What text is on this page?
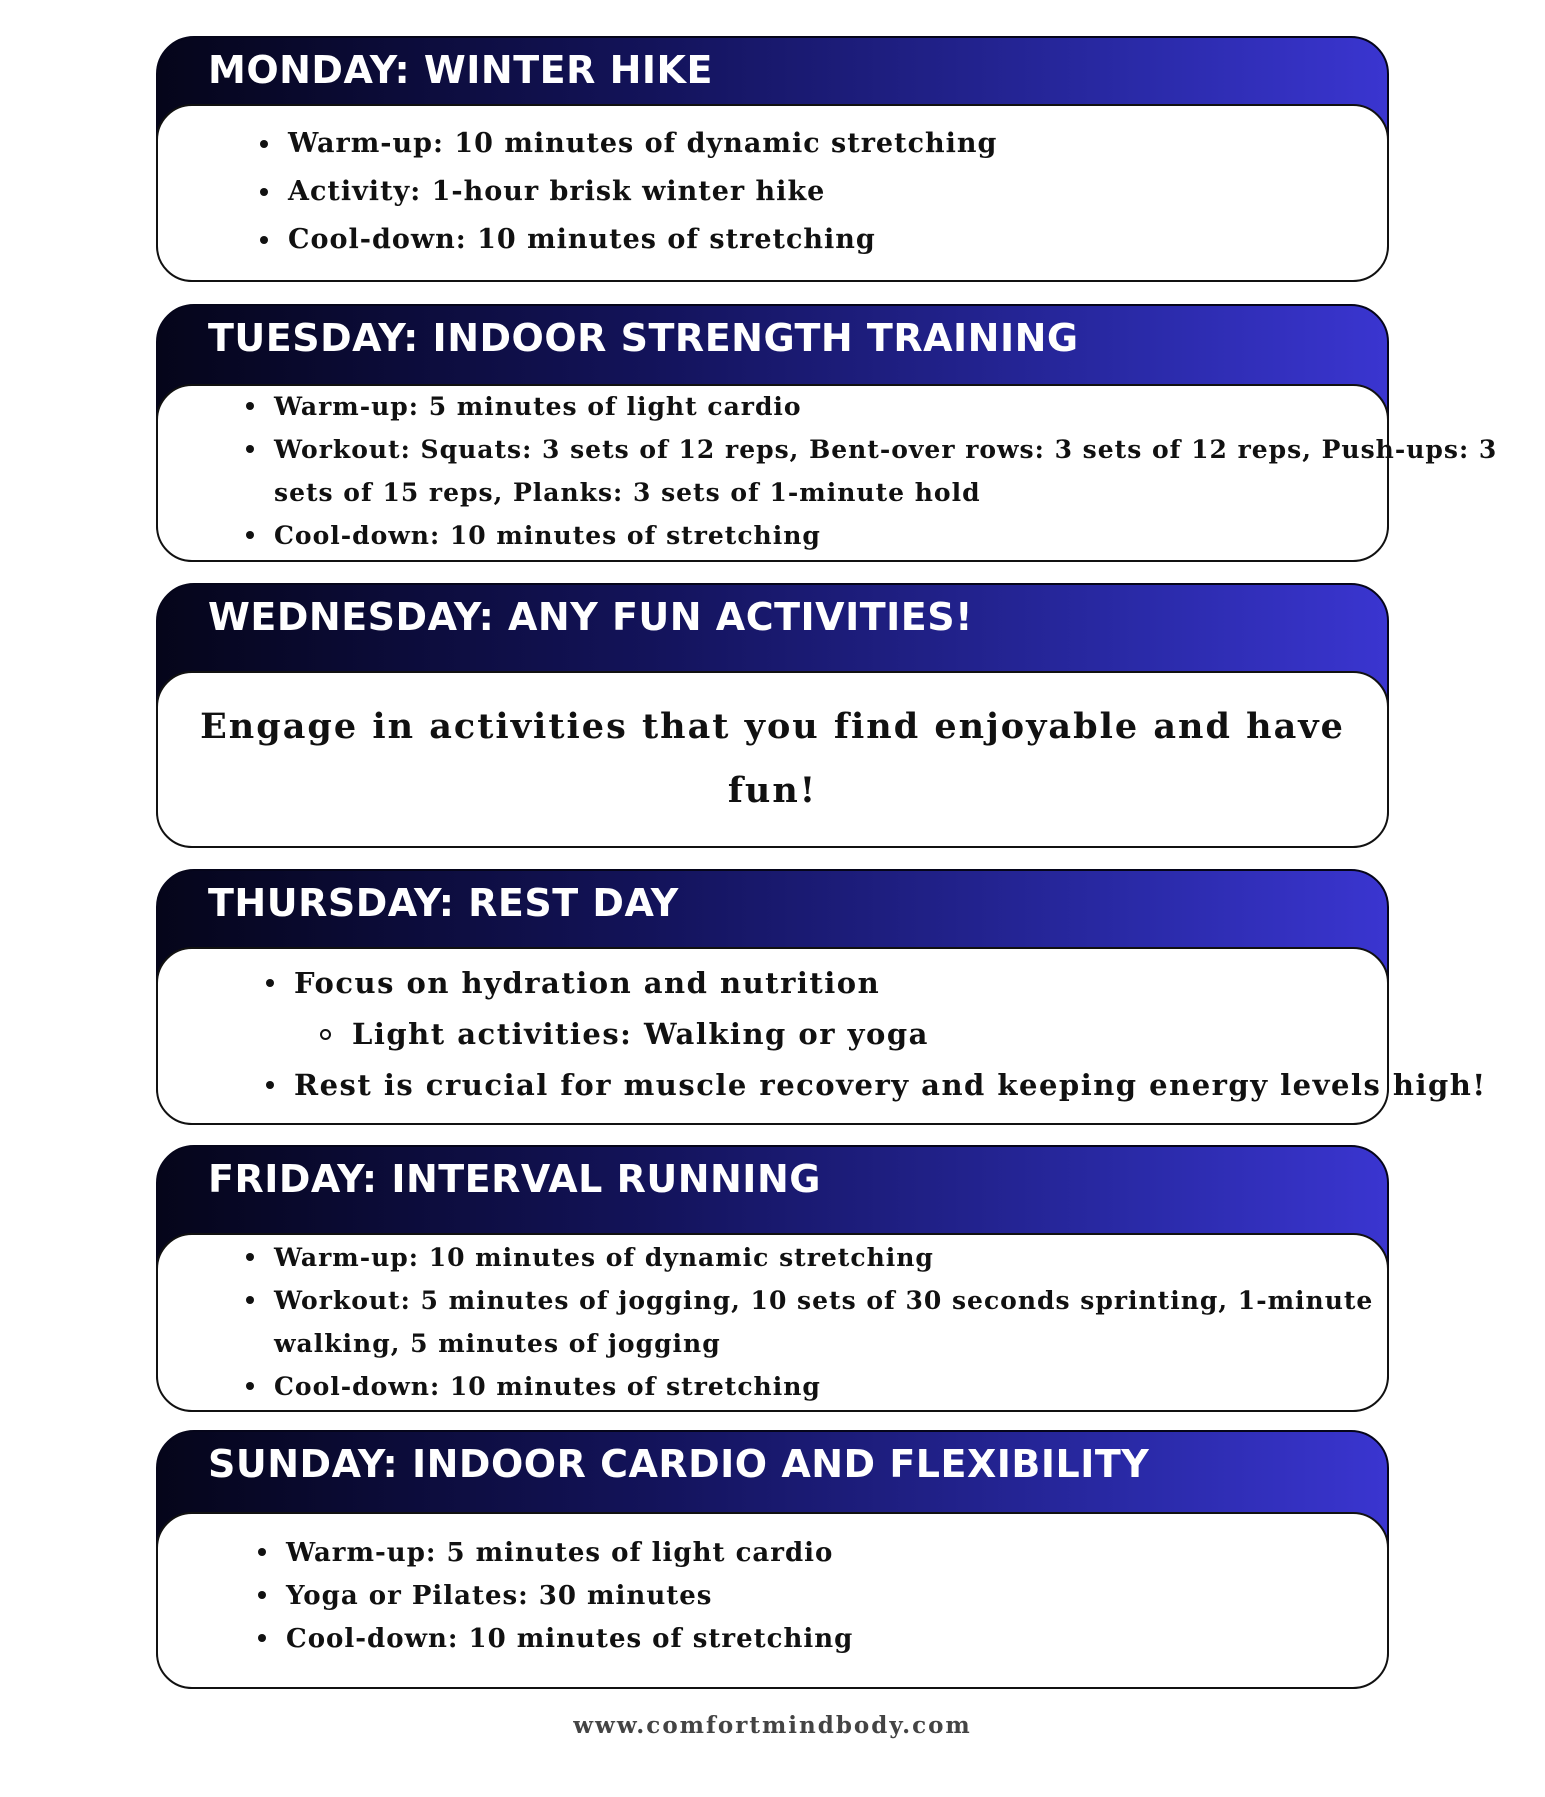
MONDAY: WINTER HIKE
Warm-up: 10 minutes of dynamic stretching
Activity: 1-hour brisk winter hike
Cool-down: 10 minutes of stretching
TUESDAY: INDOOR STRENGTH TRAINING
Warm-up: 5 minutes of light cardio
Workout: Squats: 3 sets of 12 reps, Bent-over rows: 3 sets of 12 reps, Push-ups: 3
sets of 15 reps, Planks: 3 sets of 1-minute hold
Cool-down: 10 minutes of stretching
WEDNESDAY: ANY FUN ACTIVITIES!
Engage in activities that you find enjoyable and have
fun!
THURSDAY: REST DAY
Focus on hydration and nutrition
Light activities: Walking or yoga
Rest is crucial for muscle recovery and keeping energy levels high!
FRIDAY: INTERVAL RUNNING
Warm-up: 10 minutes of dynamic stretching
Workout: 5 minutes of jogging, 10 sets of 30 seconds sprinting, 1-minute
walking, 5 minutes of jogging
Cool-down: 10 minutes of stretching
SUNDAY: INDOOR CARDIO AND FLEXIBILITY
Warm-up: 5 minutes of light cardio
Yoga or Pilates: 30 minutes
Cool-down: 10 minutes of stretching
www.comfortmindbody.com
